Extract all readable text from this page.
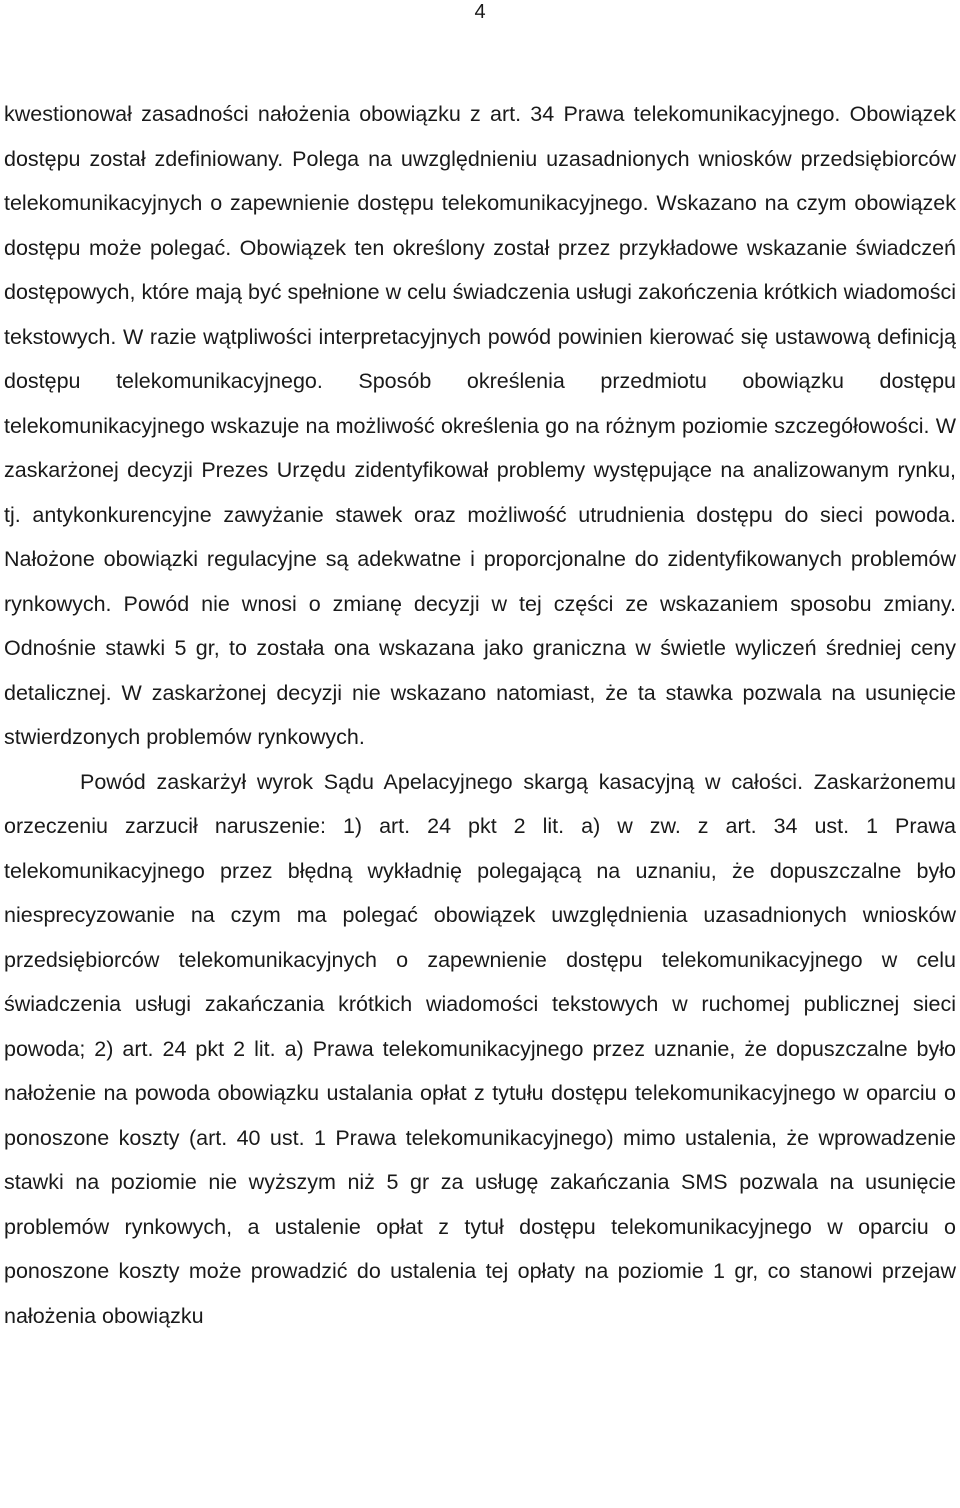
4

kwestionował zasadności nałożenia obowiązku z art. 34 Prawa telekomunikacyjnego. Obowiązek dostępu został zdefiniowany. Polega na uwzględnieniu uzasadnionych wniosków przedsiębiorców telekomunikacyjnych o zapewnienie dostępu telekomunikacyjnego. Wskazano na czym obowiązek dostępu może polegać. Obowiązek ten określony został przez przykładowe wskazanie świadczeń dostępowych, które mają być spełnione w celu świadczenia usługi zakończenia krótkich wiadomości tekstowych. W razie wątpliwości interpretacyjnych powód powinien kierować się ustawową definicją dostępu telekomunikacyjnego. Sposób określenia przedmiotu obowiązku dostępu telekomunikacyjnego wskazuje na możliwość określenia go na różnym poziomie szczegółowości. W zaskarżonej decyzji Prezes Urzędu zidentyfikował problemy występujące na analizowanym rynku, tj. antykonkurencyjne zawyżanie stawek oraz możliwość utrudnienia dostępu do sieci powoda. Nałożone obowiązki regulacyjne są adekwatne i proporcjonalne do zidentyfikowanych problemów rynkowych. Powód nie wnosi o zmianę decyzji w tej części ze wskazaniem sposobu zmiany. Odnośnie stawki 5 gr, to została ona wskazana jako graniczna w świetle wyliczeń średniej ceny detalicznej. W zaskarżonej decyzji nie wskazano natomiast, że ta stawka pozwala na usunięcie stwierdzonych problemów rynkowych.

Powód zaskarżył wyrok Sądu Apelacyjnego skargą kasacyjną w całości. Zaskarżonemu orzeczeniu zarzucił naruszenie: 1) art. 24 pkt 2 lit. a) w zw. z art. 34 ust. 1 Prawa telekomunikacyjnego przez błędną wykładnię polegającą na uznaniu, że dopuszczalne było niesprecyzowanie na czym ma polegać obowiązek uwzględnienia uzasadnionych wniosków przedsiębiorców telekomunikacyjnych o zapewnienie dostępu telekomunikacyjnego w celu świadczenia usługi zakańczania krótkich wiadomości tekstowych w ruchomej publicznej sieci powoda; 2) art. 24 pkt 2 lit. a) Prawa telekomunikacyjnego przez uznanie, że dopuszczalne było nałożenie na powoda obowiązku ustalania opłat z tytułu dostępu telekomunikacyjnego w oparciu o ponoszone koszty (art. 40 ust. 1 Prawa telekomunikacyjnego) mimo ustalenia, że wprowadzenie stawki na poziomie nie wyższym niż 5 gr za usługę zakańczania SMS pozwala na usunięcie problemów rynkowych, a ustalenie opłat z tytuł dostępu telekomunikacyjnego w oparciu o ponoszone koszty może prowadzić do ustalenia tej opłaty na poziomie 1 gr, co stanowi przejaw nałożenia obowiązku
